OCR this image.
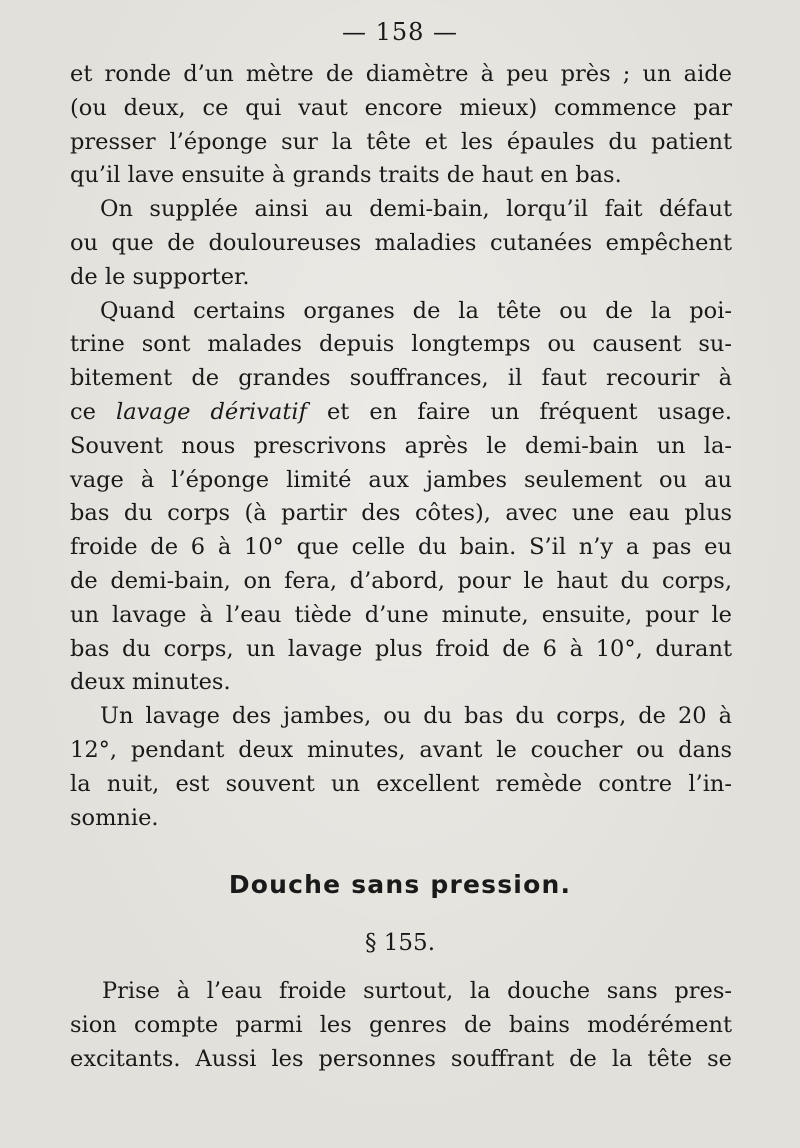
— 158 —
et ronde d’un mètre de diamètre à peu près ; un aide
(ou deux, ce qui vaut encore mieux) commence par
presser l’éponge sur la tête et les épaules du patient
qu’il lave ensuite à grands traits de haut en bas.
On supplée ainsi au demi-bain, lorqu’il fait défaut
ou que de douloureuses maladies cutanées empêchent
de le supporter.
Quand certains organes de la tête ou de la poi-
trine sont malades depuis longtemps ou causent su-
bitement de grandes souffrances, il faut recourir à
ce lavage dérivatif et en faire un fréquent usage.
Souvent nous prescrivons après le demi-bain un la-
vage à l’éponge limité aux jambes seulement ou au
bas du corps (à partir des côtes), avec une eau plus
froide de 6 à 10° que celle du bain. S’il n’y a pas eu
de demi-bain, on fera, d’abord, pour le haut du corps,
un lavage à l’eau tiède d’une minute, ensuite, pour le
bas du corps, un lavage plus froid de 6 à 10°, durant
deux minutes.
Un lavage des jambes, ou du bas du corps, de 20 à
12°, pendant deux minutes, avant le coucher ou dans
la nuit, est souvent un excellent remède contre l’in-
somnie.
Douche sans pression.
§ 155.
Prise à l’eau froide surtout, la douche sans pres-
sion compte parmi les genres de bains modérément
excitants. Aussi les personnes souffrant de la tête se
